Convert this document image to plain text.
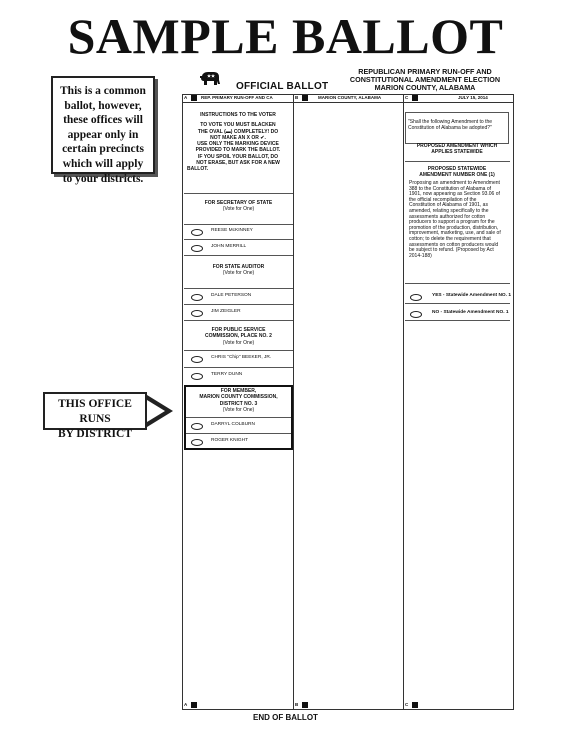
SAMPLE BALLOT
This is a common
ballot, however,
these offices will
appear only in
certain precincts
which will apply
to your districts.
THIS OFFICE RUNS
BY DISTRICT
OFFICIAL BALLOT
REPUBLICAN PRIMARY RUN-OFF AND
CONSTITUTIONAL AMENDMENT ELECTION
MARION COUNTY, ALABAMA
A	REP. PRIMARY RUN-OFF AND CA	B	MARION COUNTY, ALABAMA	C	JULY 15, 2014
A	B	C
INSTRUCTIONS TO THE VOTER
TO VOTE YOU MUST BLACKEN
THE OVAL (▬) COMPLETELY! DO
NOT MAKE AN X OR ✔.
USE ONLY THE MARKING DEVICE
PROVIDED TO MARK THE BALLOT.
IF YOU SPOIL YOUR BALLOT, DO
NOT ERASE, BUT ASK FOR A NEW
BALLOT.
FOR SECRETARY OF STATE
(Vote for One)
REESE McKINNEY
JOHN MERRILL
FOR STATE AUDITOR
(Vote for One)
DALE PETERSON
JIM ZEIGLER
FOR PUBLIC SERVICE
COMMISSION, PLACE NO. 2
(Vote for One)
CHRIS "Chip" BEEKER, JR.
TERRY DUNN
FOR MEMBER,
MARION COUNTY COMMISSION,
DISTRICT NO. 3
(Vote for One)
DARRYL COLBURN
ROGER KNIGHT
"Shall the following Amendment to the
Constitution of Alabama be adopted?"
PROPOSED AMENDMENT WHICH
APPLIES STATEWIDE
PROPOSED STATEWIDE
AMENDMENT NUMBER ONE (1)
Proposing an amendment to Amendment
388 to the Constitution of Alabama of
1901, now appearing as Section 93.06 of
the official recompilation of the
Constitution of Alabama of 1901, as
amended, relating specifically to the
assessments authorized for cotton
producers to support a program for the
promotion of the production, distribution,
improvement, marketing, use, and sale of
cotton; to delete the requirement that
assessments on cotton producers would
be subject to refund. (Proposed by Act
2014-188)
YES - Statewide Amendment NO. 1
NO - Statewide Amendment NO. 1
END OF BALLOT
